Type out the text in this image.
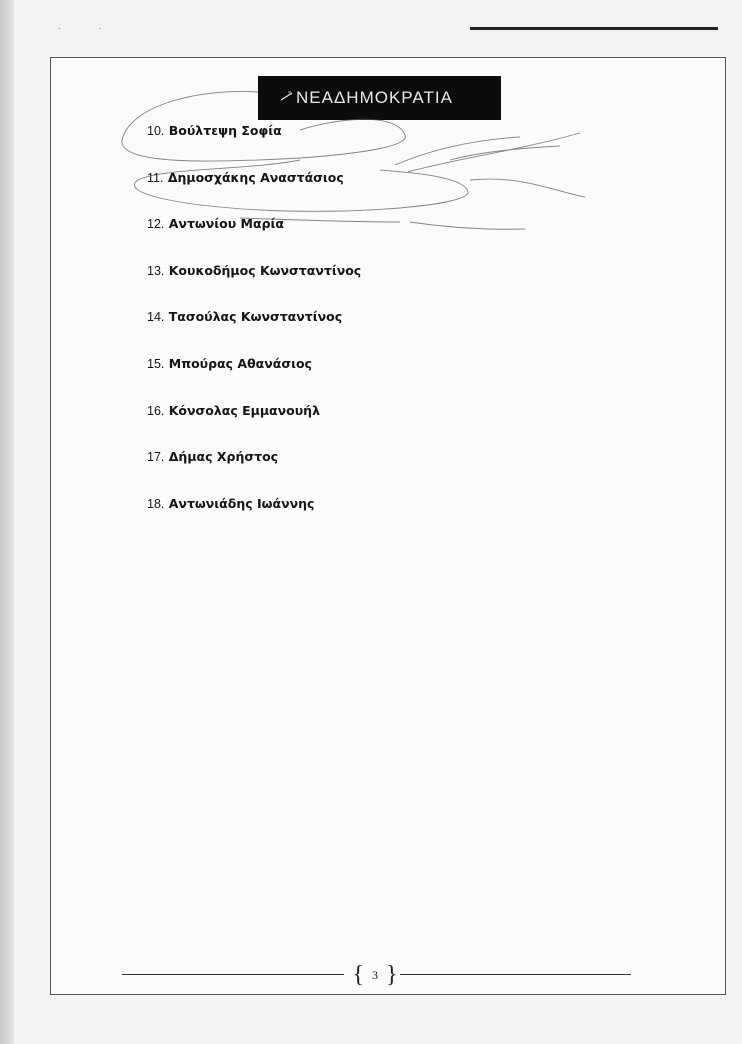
··
ΝΕΑΔΗΜΟΚΡΑΤΙΑ
10. Βούλτεψη Σοφία
11. Δημοσχάκης Αναστάσιος
12. Αντωνίου Μαρία
13. Κουκοδήμος Κωνσταντίνος
14. Τασούλας Κωνσταντίνος
15. Μπούρας Αθανάσιος
16. Κόνσολας Εμμανουήλ
17. Δήμας Χρήστος
18. Αντωνιάδης Ιωάννης
{ 3 }
